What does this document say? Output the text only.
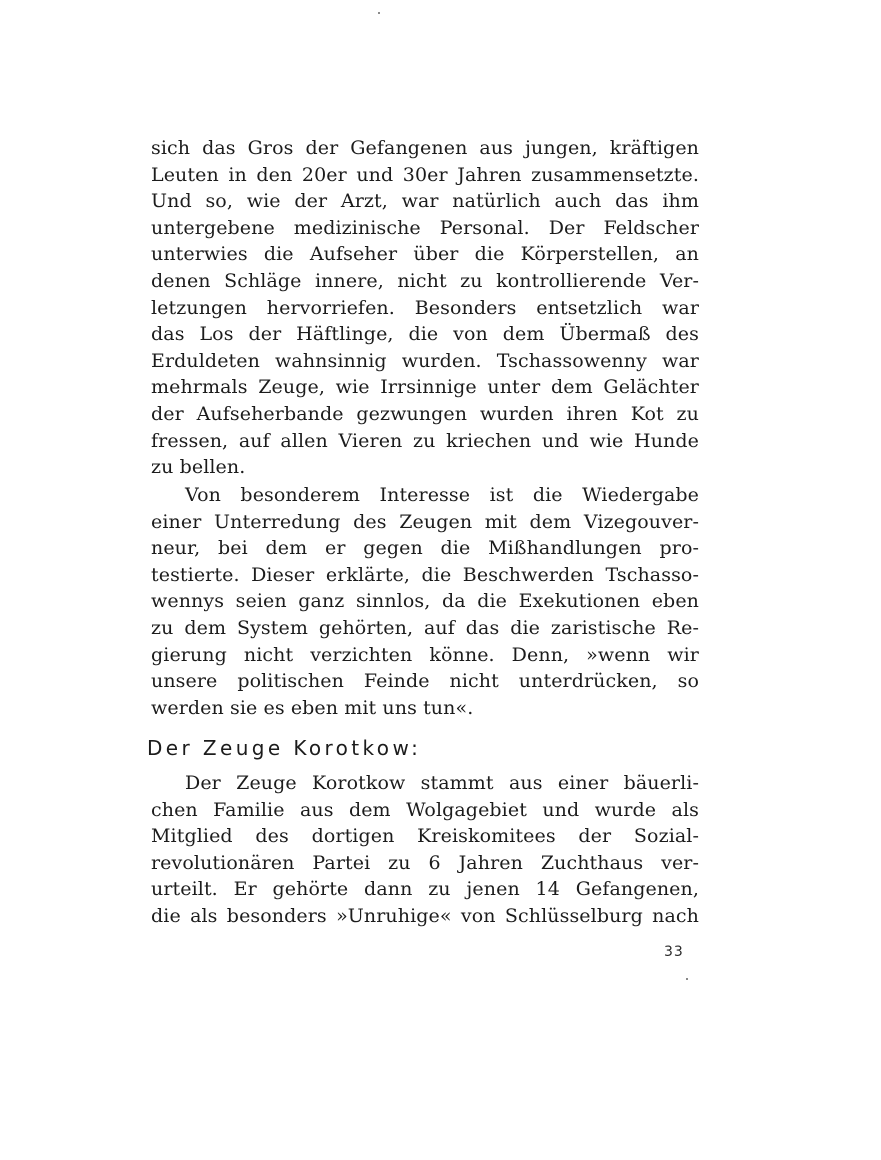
sich das Gros der Gefangenen aus jungen, kräftigen
Leuten in den 20er und 30er Jahren zusammensetzte.
Und so, wie der Arzt, war natürlich auch das ihm
untergebene medizinische Personal. Der Feldscher
unterwies die Aufseher über die Körperstellen, an
denen Schläge innere, nicht zu kontrollierende Ver-
letzungen hervorriefen. Besonders entsetzlich war
das Los der Häftlinge, die von dem Übermaß des
Erduldeten wahnsinnig wurden. Tschassowenny war
mehrmals Zeuge, wie Irrsinnige unter dem Gelächter
der Aufseherbande gezwungen wurden ihren Kot zu
fressen, auf allen Vieren zu kriechen und wie Hunde
zu bellen.
Von besonderem Interesse ist die Wiedergabe
einer Unterredung des Zeugen mit dem Vizegouver-
neur, bei dem er gegen die Mißhandlungen pro-
testierte. Dieser erklärte, die Beschwerden Tschasso-
wennys seien ganz sinnlos, da die Exekutionen eben
zu dem System gehörten, auf das die zaristische Re-
gierung nicht verzichten könne. Denn, »wenn wir
unsere politischen Feinde nicht unterdrücken, so
werden sie es eben mit uns tun«.
Der Zeuge Korotkow:
Der Zeuge Korotkow stammt aus einer bäuerli-
chen Familie aus dem Wolgagebiet und wurde als
Mitglied des dortigen Kreiskomitees der Sozial-
revolutionären Partei zu 6 Jahren Zuchthaus ver-
urteilt. Er gehörte dann zu jenen 14 Gefangenen,
die als besonders »Unruhige« von Schlüsselburg nach
33
